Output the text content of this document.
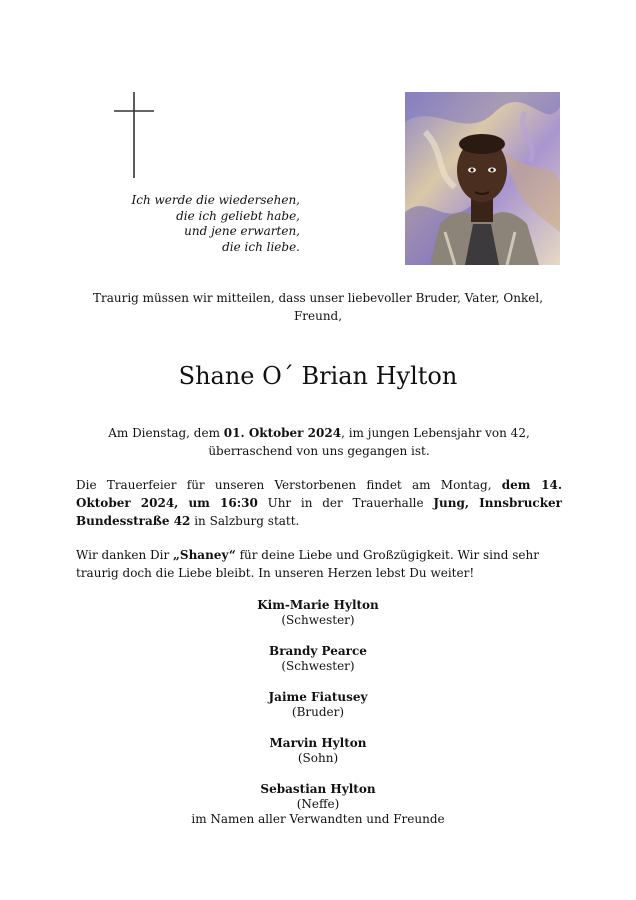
Ich werde die wiedersehen,
die ich geliebt habe,
und jene erwarten,
die ich liebe.
Traurig müssen wir mitteilen, dass unser liebevoller Bruder, Vater, Onkel, Freund,
Shane O´ Brian Hylton
Am Dienstag, dem 01. Oktober 2024, im jungen Lebensjahr von 42, überraschend von uns gegangen ist.
Die Trauerfeier für unseren Verstorbenen findet am Montag, dem 14. Oktober 2024, um 16:30 Uhr in der Trauerhalle Jung, Innsbrucker Bundesstraße 42 in Salzburg statt.
Wir danken Dir „Shaney“ für deine Liebe und Großzügigkeit. Wir sind sehr traurig doch die Liebe bleibt. In unseren Herzen lebst Du weiter!
Kim-Marie Hylton
(Schwester)
Brandy Pearce
(Schwester)
Jaime Fiatusey
(Bruder)
Marvin Hylton
(Sohn)
Sebastian Hylton
(Neffe)
im Namen aller Verwandten und Freunde
